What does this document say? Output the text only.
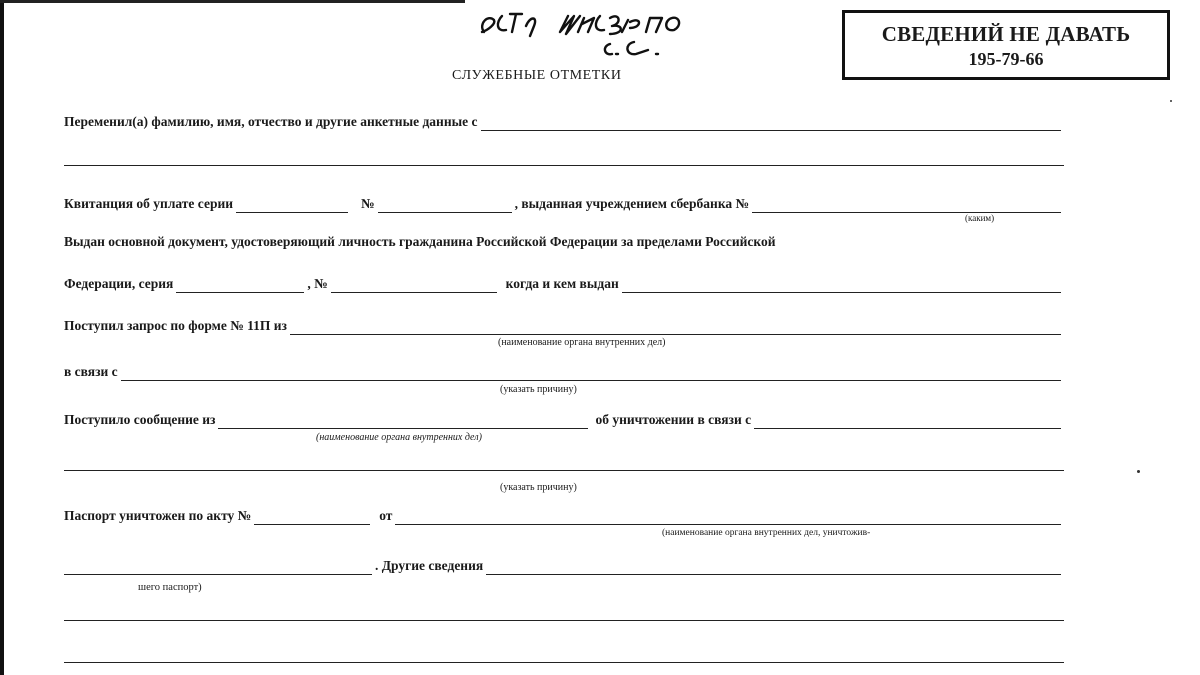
СВЕДЕНИЙ НЕ ДАВАТЬ
195-79-66
СЛУЖЕБНЫЕ ОТМЕТКИ
Переменил(а) фамилию, имя, отчество и другие анкетные данные с
Квитанция об уплате серии	№	, выданная учреждением сбербанка №
(каким)
Выдан основной документ, удостоверяющий личность гражданина Российской Федерации за пределами Российской
Федерации, серия	, №	когда и кем выдан
Поступил запрос по форме № 11П из
(наименование органа внутренних дел)
в связи с
(указать причину)
Поступило сообщение из	об уничтожении в связи с
(наименование органа внутренних дел)
(указать причину)
Паспорт уничтожен по акту №	от
(наименование органа внутренних дел, уничтожив-
. Другие сведения
шего паспорт)
